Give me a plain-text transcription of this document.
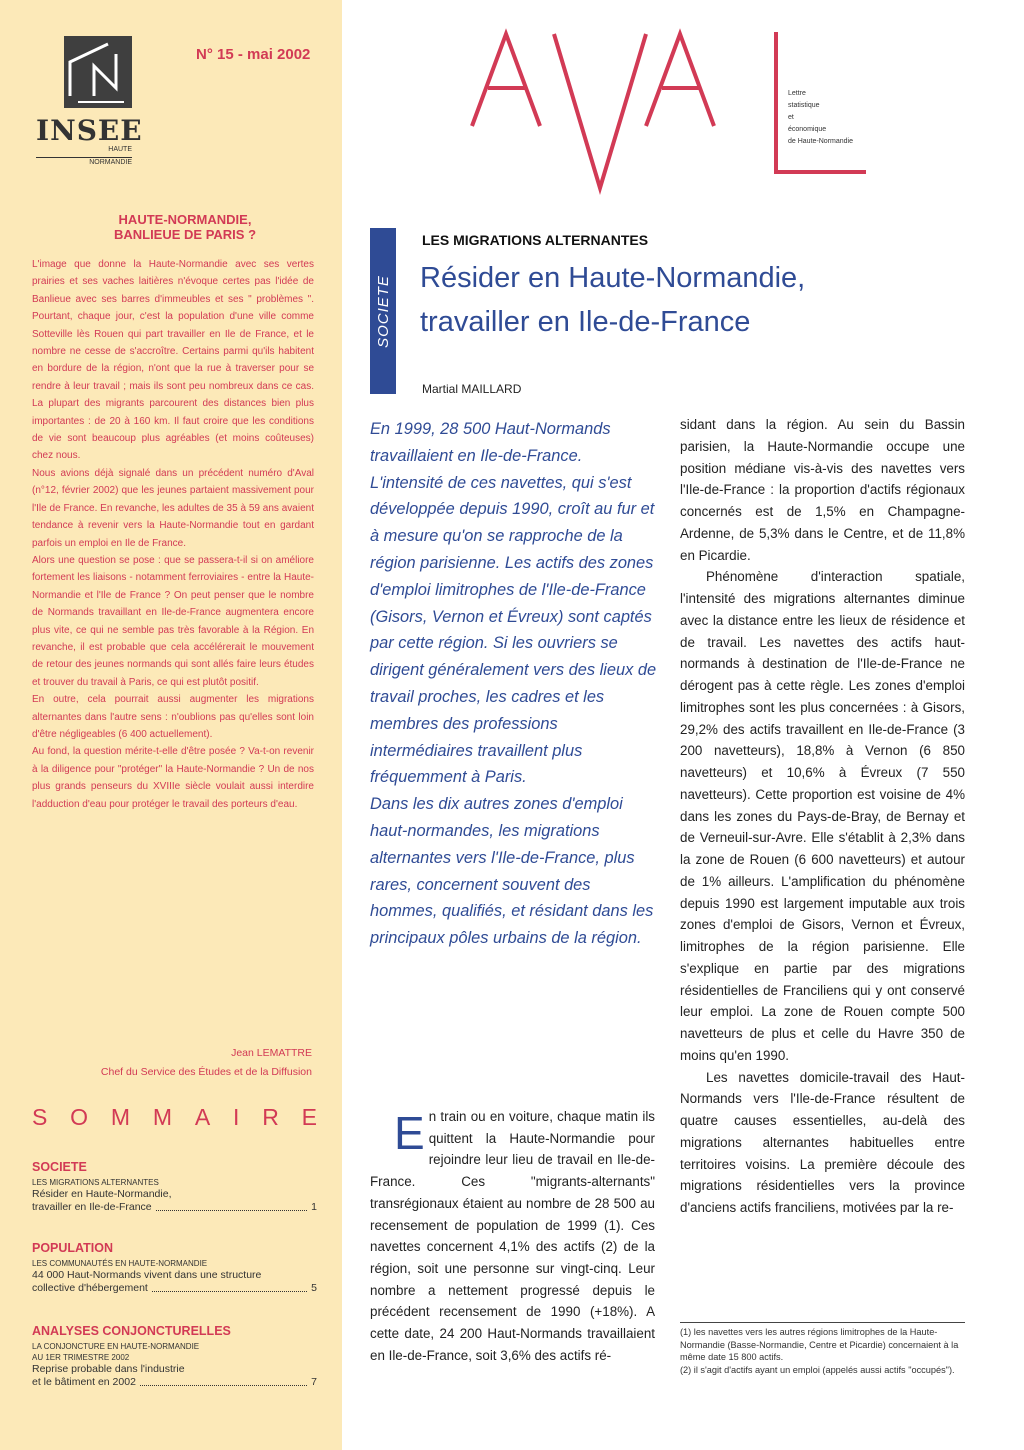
INSEE
HAUTE
NORMANDIE
N° 15 - mai 2002
HAUTE-NORMANDIE,
BANLIEUE DE PARIS ?

L'image que donne la Haute-Normandie avec ses vertes prairies et ses vaches laitières n'évoque certes pas l'idée de Banlieue avec ses barres d'immeubles et ses " problèmes ". Pourtant, chaque jour, c'est la population d'une ville comme Sotteville lès Rouen qui part travailler en Ile de France, et le nombre ne cesse de s'accroître. Certains parmi qu'ils habitent en bordure de la région, n'ont que la rue à traverser pour se rendre à leur travail ; mais ils sont peu nombreux dans ce cas. La plupart des migrants parcourent des distances bien plus importantes : de 20 à 160 km. Il faut croire que les conditions de vie sont beaucoup plus agréables (et moins coûteuses) chez nous.

Nous avions déjà signalé dans un précédent numéro d'Aval (n°12, février 2002) que les jeunes partaient massivement pour l'Ile de France. En revanche, les adultes de 35 à 59 ans avaient tendance à revenir vers la Haute-Normandie tout en gardant parfois un emploi en Ile de France.

Alors une question se pose : que se passera-t-il si on améliore fortement les liaisons - notamment ferroviaires - entre la Haute-Normandie et l'Ile de France ? On peut penser que le nombre de Normands travaillant en Ile-de-France augmentera encore plus vite, ce qui ne semble pas très favorable à la Région. En revanche, il est probable que cela accélérerait le mouvement de retour des jeunes normands qui sont allés faire leurs études et trouver du travail à Paris, ce qui est plutôt positif.

En outre, cela pourrait aussi augmenter les migrations alternantes dans l'autre sens : n'oublions pas qu'elles sont loin d'être négligeables (6 400 actuellement).

Au fond, la question mérite-t-elle d'être posée ? Va-t-on revenir à la diligence pour "protéger" la Haute-Normandie ? Un de nos plus grands penseurs du XVIIIe siècle voulait aussi interdire l'adduction d'eau pour protéger le travail des porteurs d'eau.

Jean LEMATTRE
Chef du Service des Études et de la Diffusion
S O M M A I R E
SOCIETE
LES MIGRATIONS ALTERNANTES
Résider en Haute-Normandie,
travailler en Ile-de-France	1
POPULATION
LES COMMUNAUTÉS EN HAUTE-NORMANDIE
44 000 Haut-Normands vivent dans une structure
collective d'hébergement	5
ANALYSES CONJONCTURELLES
LA CONJONCTURE EN HAUTE-NORMANDIE
AU 1ER TRIMESTRE 2002
Reprise probable dans l'industrie
et le bâtiment en 2002	7
Lettre
statistique
et
économique
de Haute-Normandie
SOCIETE
LES MIGRATIONS ALTERNANTES
Résider en Haute-Normandie,
travailler en Ile-de-France
Martial MAILLARD

En 1999, 28 500 Haut-Normands travaillaient en Ile-de-France. L'intensité de ces navettes, qui s'est développée depuis 1990, croît au fur et à mesure qu'on se rapproche de la région parisienne. Les actifs des zones d'emploi limitrophes de l'Ile-de-France (Gisors, Vernon et Évreux) sont captés par cette région. Si les ouvriers se dirigent généralement vers des lieux de travail proches, les cadres et les membres des professions intermédiaires travaillent plus fréquemment à Paris.

Dans les dix autres zones d'emploi haut-normandes, les migrations alternantes vers l'Ile-de-France, plus rares, concernent souvent des hommes, qualifiés, et résidant dans les principaux pôles urbains de la région.

E n train ou en voiture, chaque matin ils quittent la Haute-Normandie pour rejoindre leur lieu de travail en Ile-de-France. Ces "migrants-alternants" transrégionaux étaient au nombre de 28 500 au recensement de population de 1999 (1). Ces navettes concernent 4,1% des actifs (2) de la région, soit une personne sur vingt-cinq. Leur nombre a nettement progressé depuis le précédent recensement de 1990 (+18%). A cette date, 24 200 Haut-Normands travaillaient en Ile-de-France, soit 3,6% des actifs ré-

sidant dans la région. Au sein du Bassin parisien, la Haute-Normandie occupe une position médiane vis-à-vis des navettes vers l'Ile-de-France : la proportion d'actifs régionaux concernés est de 1,5% en Champagne-Ardenne, de 5,3% dans le Centre, et de 11,8% en Picardie.

Phénomène d'interaction spatiale, l'intensité des migrations alternantes diminue avec la distance entre les lieux de résidence et de travail. Les navettes des actifs haut-normands à destination de l'Ile-de-France ne dérogent pas à cette règle. Les zones d'emploi limitrophes sont les plus concernées : à Gisors, 29,2% des actifs travaillent en Ile-de-France (3 200 navetteurs), 18,8% à Vernon (6 850 navetteurs) et 10,6% à Évreux (7 550 navetteurs). Cette proportion est voisine de 4% dans les zones du Pays-de-Bray, de Bernay et de Verneuil-sur-Avre. Elle s'établit à 2,3% dans la zone de Rouen (6 600 navetteurs) et autour de 1% ailleurs. L'amplification du phénomène depuis 1990 est largement imputable aux trois zones d'emploi de Gisors, Vernon et Évreux, limitrophes de la région parisienne. Elle s'explique en partie par des migrations résidentielles de Franciliens qui y ont conservé leur emploi. La zone de Rouen compte 500 navetteurs de plus et celle du Havre 350 de moins qu'en 1990.

Les navettes domicile-travail des Haut-Normands vers l'Ile-de-France résultent de quatre causes essentielles, au-delà des migrations alternantes habituelles entre territoires voisins. La première découle des migrations résidentielles vers la province d'anciens actifs franciliens, motivées par la re-

(1) les navettes vers les autres régions limitrophes de la Haute-Normandie (Basse-Normandie, Centre et Picardie) concernaient à la même date 15 800 actifs.

(2) il s'agit d'actifs ayant un emploi (appelés aussi actifs "occupés").
